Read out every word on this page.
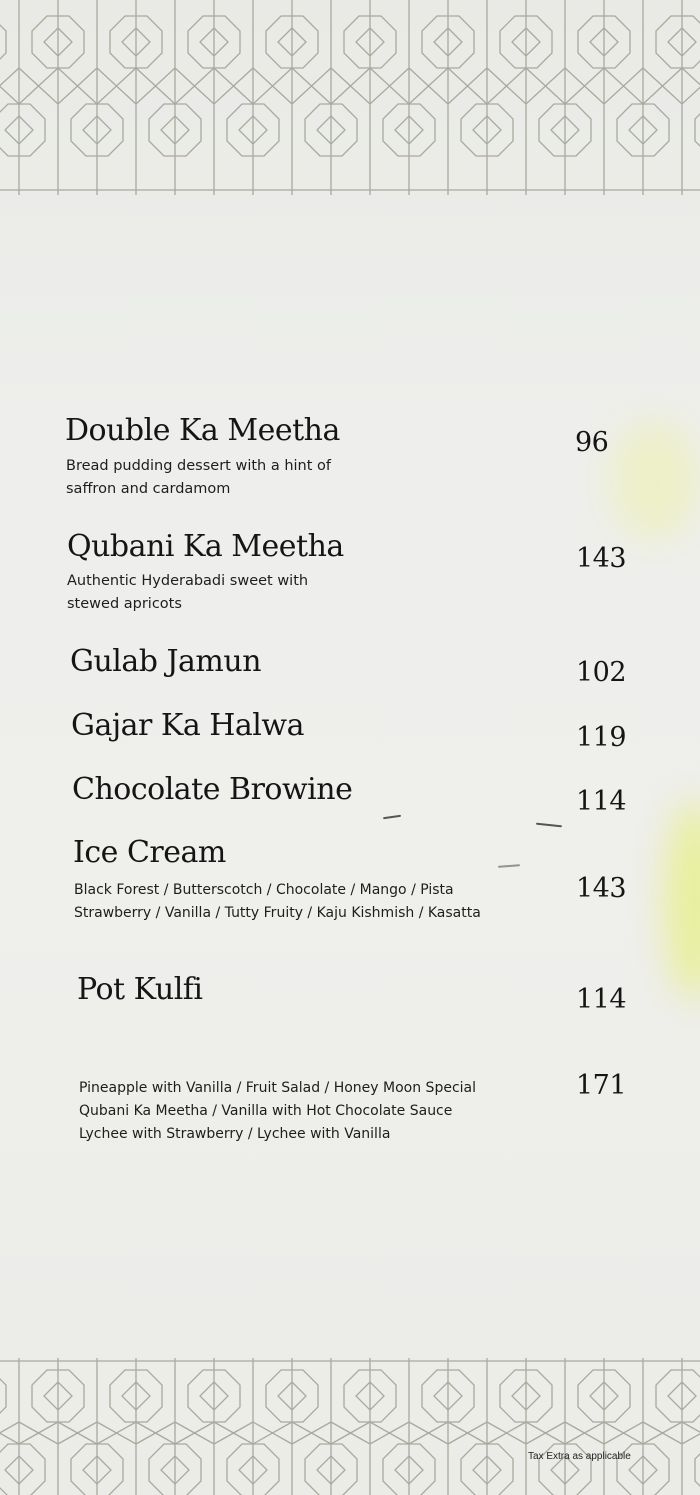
Double Ka Meetha
Bread pudding dessert with a hint of
saffron and cardamom
96
Qubani Ka Meetha
Authentic Hyderabadi sweet with
stewed apricots
143
Gulab Jamun	102
Gajar Ka Halwa	119
Chocolate Browine	114
Ice Cream
Black Forest / Butterscotch / Chocolate / Mango / Pista
Strawberry / Vanilla / Tutty Fruity / Kaju Kishmish / Kasatta
143
Pot Kulfi	114
Pineapple with Vanilla / Fruit Salad / Honey Moon Special
Qubani Ka Meetha / Vanilla with Hot Chocolate Sauce
Lychee with Strawberry / Lychee with Vanilla
171
Tax Extra as applicable
